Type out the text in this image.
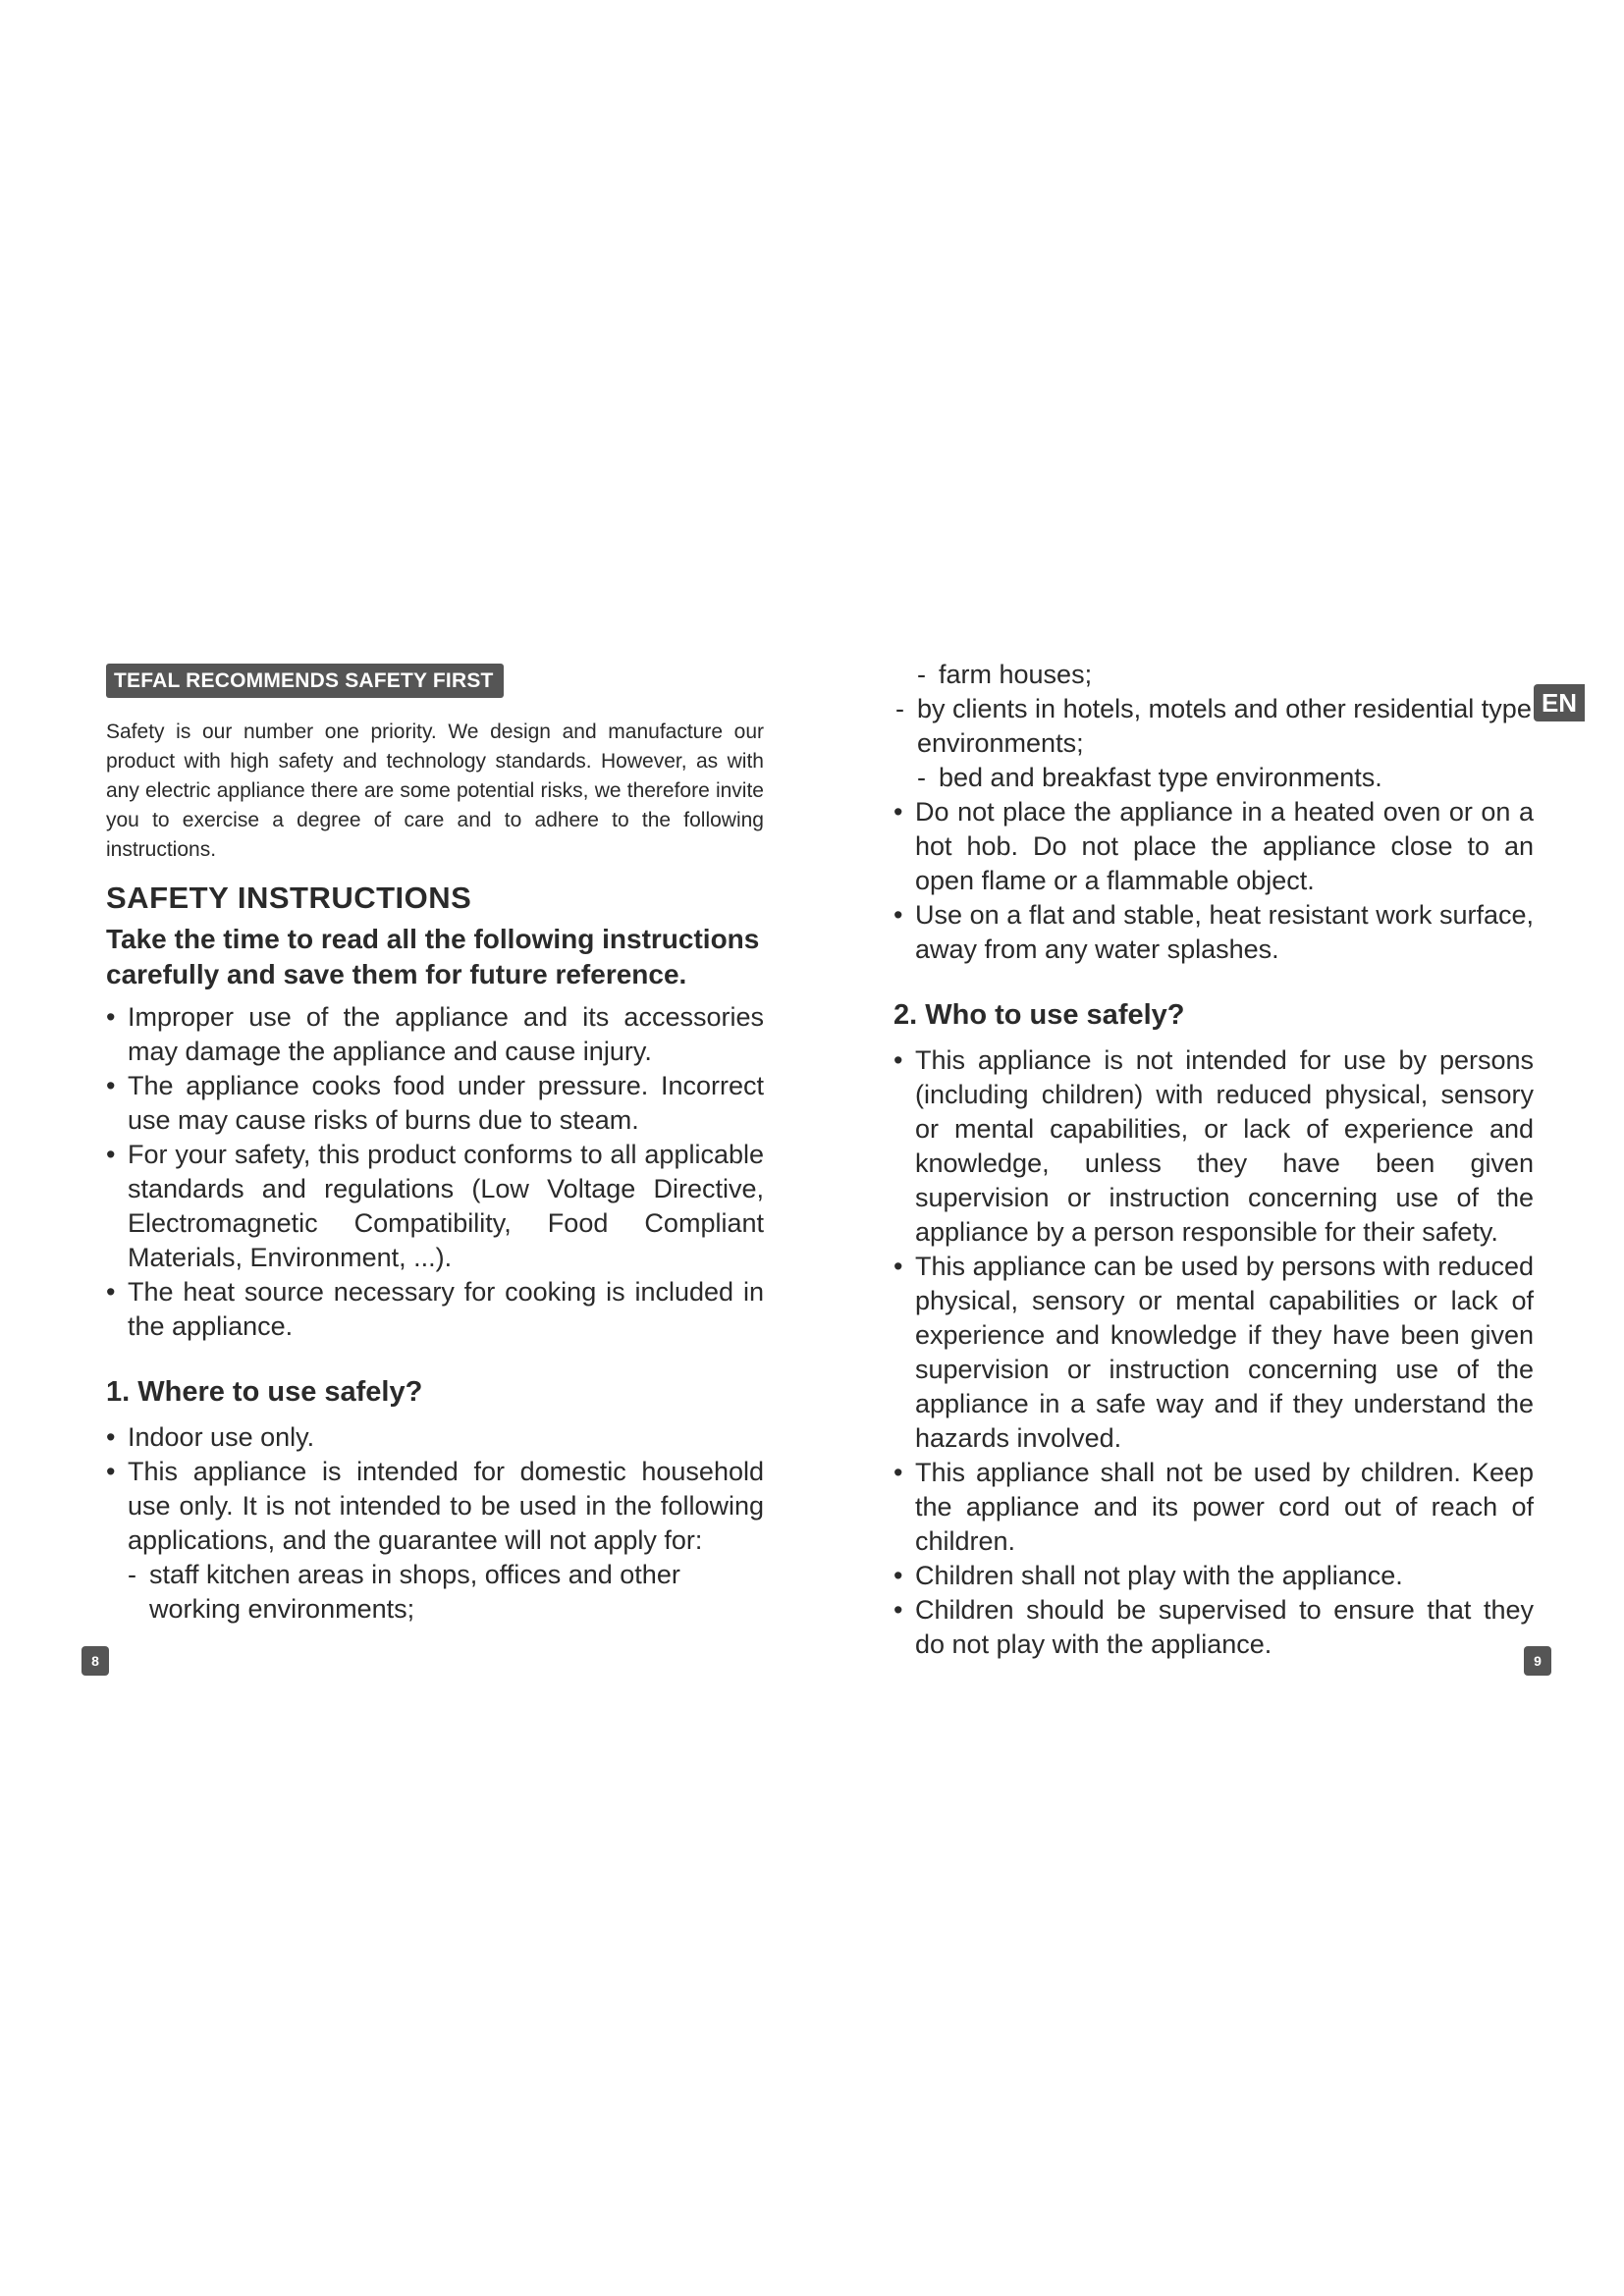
TEFAL RECOMMENDS SAFETY FIRST

Safety is our number one priority. We design and manufacture our product with high safety and technology standards. However, as with any electric appliance there are some potential risks, we therefore invite you to exercise a degree of care and to adhere to the following instructions.

SAFETY INSTRUCTIONS
Take the time to read all the following instructions carefully and save them for future reference.
• Improper use of the appliance and its accessories may damage the appliance and cause injury.
• The appliance cooks food under pressure. Incorrect use may cause risks of burns due to steam.
• For your safety, this product conforms to all applicable standards and regulations (Low Voltage Directive, Electromagnetic Compatibility, Food Compliant Materials, Environment, ...).
• The heat source necessary for cooking is included in the appliance.
1. Where to use safely?
• Indoor use only.
• This appliance is intended for domestic household use only. It is not intended to be used in the following applications, and the guarantee will not apply for:
- staff kitchen areas in shops, offices and other working environments;
- farm houses;
- by clients in hotels, motels and other residential type environments;
- bed and breakfast type environments.
• Do not place the appliance in a heated oven or on a hot hob. Do not place the appliance close to an open flame or a flammable object.
• Use on a flat and stable, heat resistant work surface, away from any water splashes.
2. Who to use safely?
• This appliance is not intended for use by persons (including children) with reduced physical, sensory or mental capabilities, or lack of experience and knowledge, unless they have been given supervision or instruction concerning use of the appliance by a person responsible for their safety.
• This appliance can be used by persons with reduced physical, sensory or mental capabilities or lack of experience and knowledge if they have been given supervision or instruction concerning use of the appliance in a safe way and if they understand the hazards involved.
• This appliance shall not be used by children. Keep the appliance and its power cord out of reach of children.
• Children shall not play with the appliance.
• Children should be supervised to ensure that they do not play with the appliance.
EN
8	9
